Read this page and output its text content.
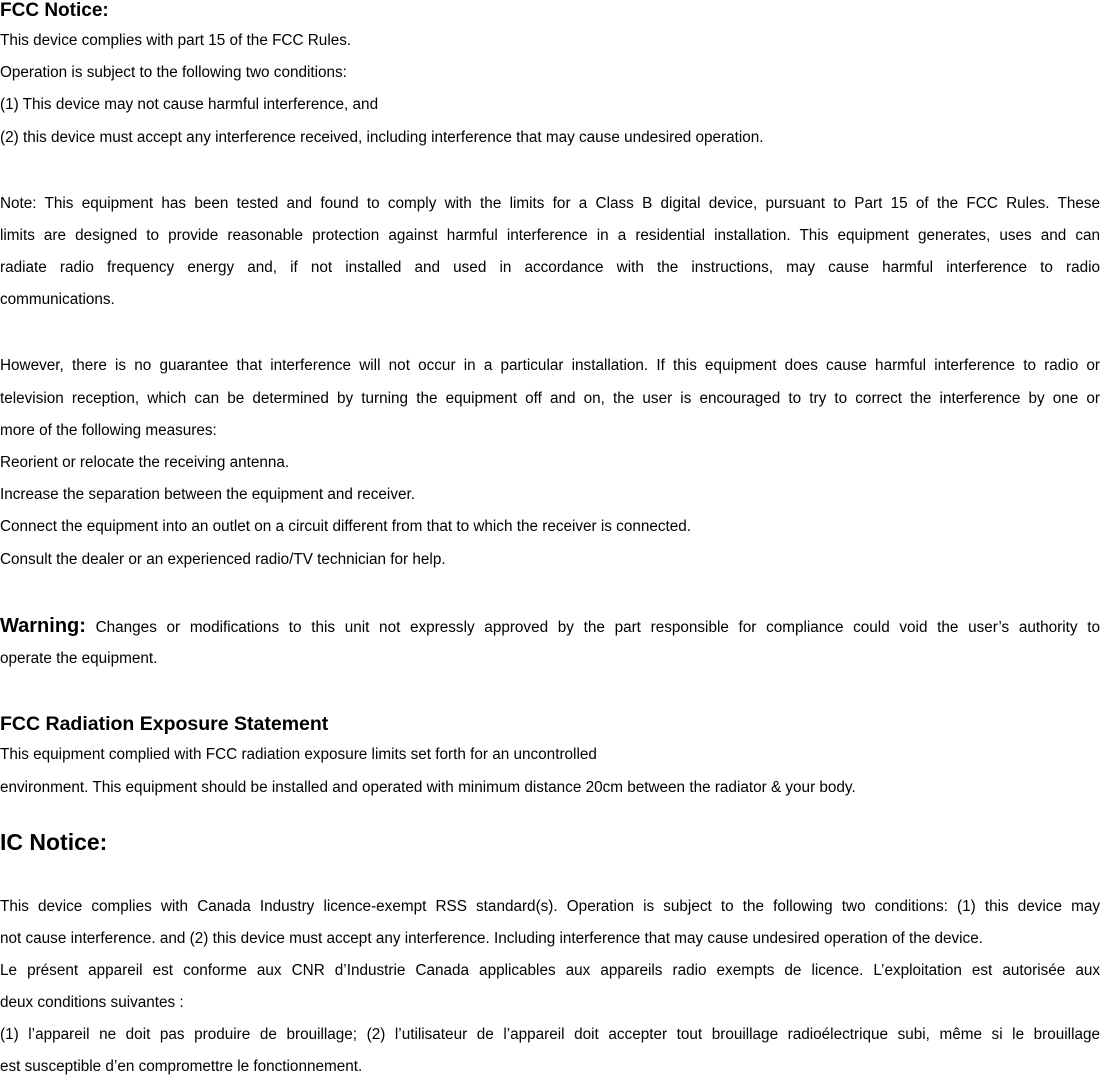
FCC Notice:
This device complies with part 15 of the FCC Rules.
Operation is subject to the following two conditions:
(1) This device may not cause harmful interference, and
(2) this device must accept any interference received, including interference that may cause undesired operation.
Note: This equipment has been tested and found to comply with the limits for a Class B digital device, pursuant to Part 15 of the FCC Rules. These
limits are designed to provide reasonable protection against harmful interference in a residential installation. This equipment generates, uses and can
radiate radio frequency energy and, if not installed and used in accordance with the instructions, may cause harmful interference to radio
communications.
However, there is no guarantee that interference will not occur in a particular installation. If this equipment does cause harmful interference to radio or
television reception, which can be determined by turning the equipment off and on, the user is encouraged to try to correct the interference by one or
more of the following measures:
Reorient or relocate the receiving antenna.
Increase the separation between the equipment and receiver.
Connect the equipment into an outlet on a circuit different from that to which the receiver is connected.
Consult the dealer or an experienced radio/TV technician for help.
Warning: Changes or modifications to this unit not expressly approved by the part responsible for compliance could void the user’s authority to
operate the equipment.
FCC Radiation Exposure Statement
This equipment complied with FCC radiation exposure limits set forth for an uncontrolled
environment. This equipment should be installed and operated with minimum distance 20cm between the radiator & your body.
IC Notice:
This device complies with Canada Industry licence-exempt RSS standard(s). Operation is subject to the following two conditions: (1) this device may
not cause interference. and (2) this device must accept any interference. Including interference that may cause undesired operation of the device.
Le présent appareil est conforme aux CNR d’Industrie Canada applicables aux appareils radio exempts de licence. L’exploitation est autorisée aux
deux conditions suivantes :
(1) l’appareil ne doit pas produire de brouillage; (2) l’utilisateur de l’appareil doit accepter tout brouillage radioélectrique subi, même si le brouillage
est susceptible d’en compromettre le fonctionnement.
